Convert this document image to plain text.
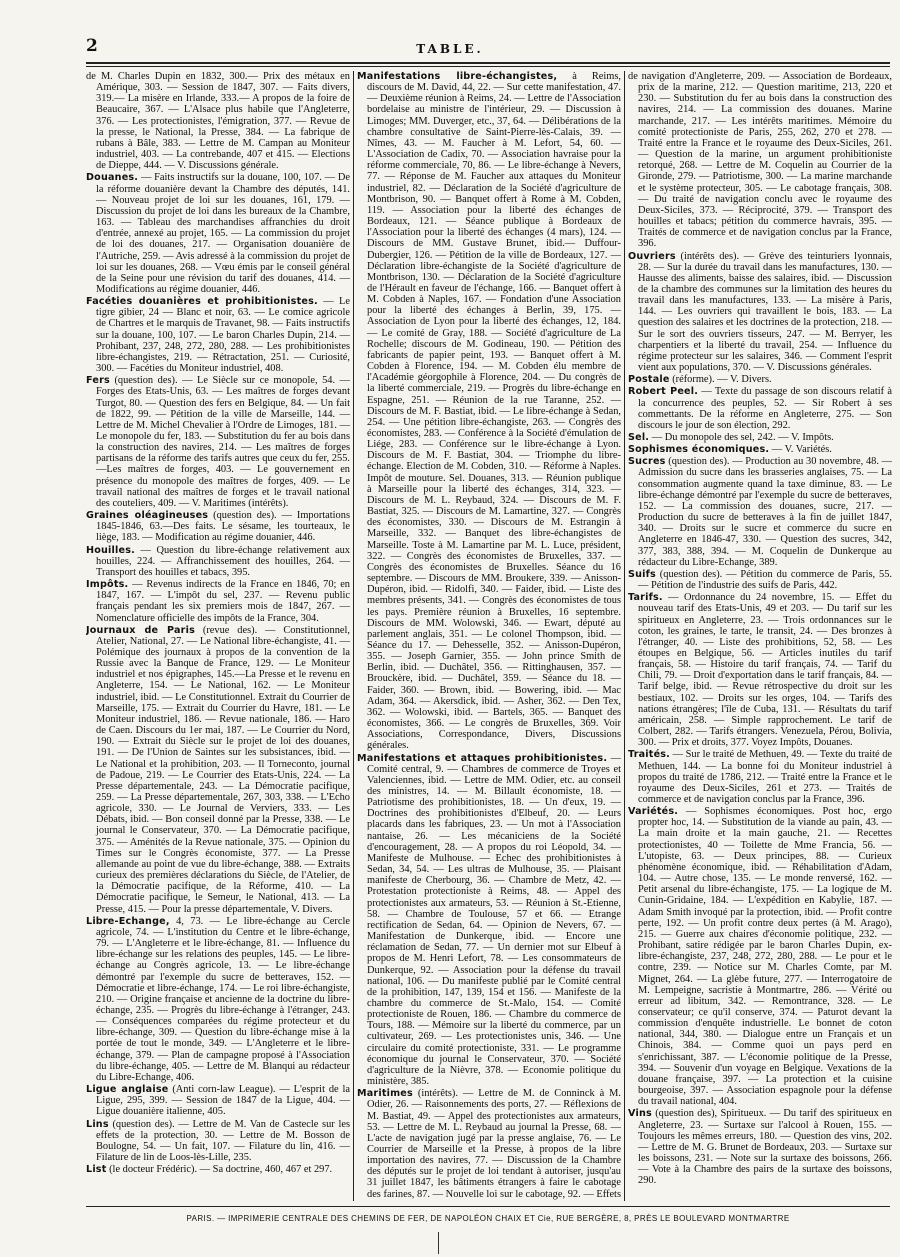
2	TABLE.

de M. Charles Dupin en 1832, 300.— Prix des métaux en Amérique, 303. — Session de 1847, 307. — Faits divers, 319.— La misère en Irlande, 333.— A propos de la foire de Beaucaire, 367. — L'Alsace plus habile que l'Angleterre, 376. — Les protectionistes, l'émigration, 377. — Revue de la presse, le National, la Presse, 384. — La fabrique de rubans à Bâle, 383. — Lettre de M. Campan au Moniteur industriel, 403. — La contrebande, 407 et 415. — Elections de Dieppe, 444. — V. Discussions générale.

Douanes. — Faits instructifs sur la douane, 100, 107. — De la réforme douanière devant la Chambre des députés, 141. — Nouveau projet de loi sur les douanes, 161, 179. — Discussion du projet de loi dans les bureaux de la Chambre, 163. — Tableau des marchandises affranchies du droit d'entrée, annexé au projet, 165. — La commission du projet de loi des douanes, 217. — Organisation douanière de l'Autriche, 259. — Avis adressé à la commission du projet de loi sur les douanes, 268. — Vœu émis par le conseil général de la Seine pour une révision du tarif des douanes, 414. — Modifications au régime douanier, 446.

Facéties douanières et prohibitionistes. — Le tigre gibier, 24 — Blanc et noir, 63. — Le comice agricole de Chartres et le marquis de Travanet, 98. — Faits instructifs sur la douane, 100, 107. — Le baron Charles Dupin, 214. — Prohibant, 237, 248, 272, 280, 288. — Les prohibitionistes libre-échangistes, 219. — Rétractation, 251. — Curiosité, 300. — Facéties du Moniteur industriel, 408.

Fers (question des). — Le Siècle sur ce monopole, 54. — Forges des Etats-Unis, 63. — Les maîtres de forges devant Turgot, 80. — Question des fers en Belgique, 84. — Un fait de 1822, 99. — Pétition de la ville de Marseille, 144. — Lettre de M. Michel Chevalier à l'Ordre de Limoges, 181. — Le monopole du fer, 183. — Substitution du fer au bois dans la construction des navires, 214. — Les maîtres de forges partisans de la réforme des tarifs autres que ceux du fer, 255.—Les maîtres de forges, 403. — Le gouvernement en présence du monopole des maîtres de forges, 409. — Le travail national des maîtres de forges et le travail national des couteliers, 409. — V. Maritimes (intérêts).

Graines oléagineuses (question des). — Importations 1845-1846, 63.—Des faits. Le sésame, les tourteaux, le liège, 183. — Modification au régime douanier, 446.

Houilles. — Question du libre-échange relativement aux houilles, 224. — Affranchissement des houilles, 264. — Transport des houilles et tabacs, 395.

Impôts. — Revenus indirects de la France en 1846, 70; en 1847, 167. — L'impôt du sel, 237. — Revenu public français pendant les six premiers mois de 1847, 267. — Nomenclature officielle des impôts de la France, 304.

Journaux de Paris (revue des). — Constitutionnel, Atelier, National, 27. — Le National libre-échangiste, 41. — Polémique des journaux à propos de la convention de la Russie avec la Banque de France, 129. — Le Moniteur industriel et nos épigraphes, 145.—La Presse et le revenu en Angleterre, 154. — Le National, 162. — Le Moniteur industriel, ibid. — Le Constitutionnel. Extrait du Courrier de Marseille, 175. — Extrait du Courrier du Havre, 181. — Le Moniteur industriel, 186. — Revue nationale, 186. — Haro de Caen. Discours du 1er mai, 187. — Le Courrier du Nord, 190. — Extrait du Siècle sur le projet de loi des douanes, 191. — De l'Union de Saintes sur les subsistances, ibid. — Le National et la prohibition, 203. — Il Torneconto, journal de Padoue, 219. — Le Courrier des Etats-Unis, 224. — La Presse départementale, 243. — La Démocratie pacifique, 259. — La Presse départementale, 267, 303, 338. — L'Echo agricole, 330. — Le Journal de Verviers, 333. — Les Débats, ibid. — Bon conseil donné par la Presse, 338. — Le journal le Conservateur, 370. — La Démocratie pacifique, 375. — Aménités de la Revue nationale, 375. — Opinion du Times sur le Congrès économiste, 377. — La Presse allemande au point de vue du libre-échange, 388. — Extraits curieux des premières déclarations du Siècle, de l'Atelier, de la Démocratie pacifique, de la Réforme, 410. — La Démocratie pacifique, le Semeur, le National, 413. — La Presse, 415. — Pour la presse départementale, V. Divers.

Libre-Echange, 4, 73. — Le libre-échange au Cercle agricole, 74. — L'institution du Centre et le libre-échange, 79. — L'Angleterre et le libre-échange, 81. — Influence du libre-échange sur les relations des peuples, 145. — Le libre-échange au Congrès agricole, 13. — Le libre-échange démontré par l'exemple du sucre de betteraves, 152. — Démocratie et libre-échange, 174. — Le roi libre-échangiste, 210. — Origine française et ancienne de la doctrine du libre-échange, 235. — Progrès du libre-échange à l'étranger, 243. — Conséquences comparées du régime protecteur et du libre-échange, 309. — Question du libre-échange mise à la portée de tout le monde, 349. — L'Angleterre et le libre-échange, 379. — Plan de campagne proposé à l'Association du libre-échange, 405. — Lettre de M. Blanqui au rédacteur du Libre-Echange, 406.

Ligue anglaise (Anti corn-law League). — L'esprit de la Ligue, 295, 399. — Session de 1847 de la Ligue, 404. — Ligue douanière italienne, 405.

Lins (question des). — Lettre de M. Van de Castecle sur les effets de la protection, 30. — Lettre de M. Bosson de Boulogne, 54. — Un fait, 107. — Filature du lin, 416. — Filature de lin de Loos-lès-Lille, 235.

List (le docteur Frédéric). — Sa doctrine, 460, 467 et 297.

Manifestations libre-échangistes, à Reims, discours de M. David, 44, 22. — Sur cette manifestation, 47. — Deuxième réunion à Reims, 24. — Lettre de l'Association bordelaise au ministre de l'intérieur, 29. — Discussion à Limoges; MM. Duverger, etc., 37, 64. — Délibérations de la chambre consultative de Saint-Pierre-lès-Calais, 39. — Nîmes, 43. — M. Faucher à M. Lefort, 54, 60. — L'Association de Cadix, 70. — Association havraise pour la réforme commerciale, 70, 86. — Le libre-échange à Nevers, 77. — Réponse de M. Faucher aux attaques du Moniteur industriel, 82. — Déclaration de la Société d'agriculture de Montbrison, 90. — Banquet offert à Rome à M. Cobden, 119. — Association pour la liberté des échanges de Bordeaux, 121. — Séance publique à Bordeaux de l'Association pour la liberté des échanges (4 mars), 124. — Discours de MM. Gustave Brunet, ibid.— Duffour-Dubergier, 126. — Pétition de la ville de Bordeaux, 127. — Déclaration libre-échangiste de la Société d'agriculture de Montbrison, 130. — Déclaration de la Société d'agriculture de l'Hérault en faveur de l'échange, 166. — Banquet offert à M. Cobden à Naples, 167. — Fondation d'une Association pour la liberté des échanges à Berlin, 39, 175. — Association de Lyon pour la liberté des échanges, 12, 184. — Le comité de Gray, 188. — Société d'agriculture de La Rochelle; discours de M. Godineau, 190. — Pétition des fabricants de papier peint, 193. — Banquet offert à M. Cobden à Florence, 194. — M. Cobden élu membre de l'Académie géorgophile à Florence, 204. — Du congrès de la liberté commerciale, 219. — Progrès du libre-échange en Espagne, 251. — Réunion de la rue Taranne, 252. — Discours de M. F. Bastiat, ibid. — Le libre-échange à Sedan, 254. — Une pétition libre-échangiste, 263. — Congrès des économistes, 283. — Conférence à la Société d'émulation de Liége, 283. — Conférence sur le libre-échange à Lyon. Discours de M. F. Bastiat, 304. — Triomphe du libre-échange. Election de M. Cobden, 310. — Réforme à Naples. Impôt de mouture. Sel. Douanes, 313. — Réunion publique à Marseille pour la liberté des échanges, 314, 323. — Discours de M. L. Reybaud, 324. — Discours de M. F. Bastiat, 325. — Discours de M. Lamartine, 327. — Congrès des économistes, 330. — Discours de M. Estrangin à Marseille, 332. — Banquet des libre-échangistes de Marseille. Toste à M. Lamartine par M. L. Luce, président, 322. — Congrès des économistes de Bruxelles, 337. — Congrès des économistes de Bruxelles. Séance du 16 septembre. — Discours de MM. Broukere, 339. — Anisson-Dupéron, ibid. — Ridolfi, 340. — Faider, ibid. — Liste des membres présents, 341. — Congrès des économistes de tous les pays. Première réunion à Bruxelles, 16 septembre. Discours de MM. Wolowski, 346. — Ewart, député au parlement anglais, 351. — Le colonel Thompson, ibid. — Séance du 17. — Dehesselle, 352. — Anisson-Dupéron, 355. — Joseph Garnier, 355. — John prince Smith de Berlin, ibid. — Duchâtel, 356. — Rittinghausen, 357. — Brouckère, ibid. — Duchâtel, 359. — Séance du 18. — Faider, 360. — Brown, ibid. — Bowering, ibid. — Mac Adam, 364. — Akersdick, ibid. — Asher, 362. — Den Tex, 362. — Wolowski, ibid. — Bartels, 365. — Banquet des économistes, 366. — Le congrès de Bruxelles, 369. Voir Associations, Correspondance, Divers, Discussions générales.

Manifestations et attaques prohibitionistes. — Comité central, 9. — Chambres de commerce de Troyes et Valenciennes, ibid. — Lettre de MM. Odier, etc. au conseil des ministres, 14. — M. Billault économiste, 18. — Patriotisme des prohibitionistes, 18. — Un d'eux, 19. — Doctrines des prohibitionistes d'Elbeuf, 20. — Leurs placards dans les fabriques, 23. — Un mot à l'Association nantaise, 26. — Les mécaniciens de la Société d'encouragement, 28. — A propos du roi Léopold, 34. — Manifeste de Mulhouse. — Echec des prohibitionistes à Sedan, 34, 54. — Les ultras de Mulhouse, 35. — Plaisant manifeste de Cherbourg, 36. — Chambre de Metz, 42. — Protestation protectioniste à Reims, 48. — Appel des protectionistes aux armateurs, 53. — Réunion à St.-Etienne, 58. — Chambre de Toulouse, 57 et 66. — Etrange rectification de Sedan, 64. — Opinion de Nevers, 67. — Manifestation de Dunkerque, ibid. — Encore une réclamation de Sedan, 77. — Un dernier mot sur Elbeuf à propos de M. Henri Lefort, 78. — Les consommateurs de Dunkerque, 92. — Association pour la défense du travail national, 106. — Du manifeste publié par le Comité central de la prohibition, 147, 139, 154 et 156. — Manifeste de la chambre du commerce de St.-Malo, 154. — Comité protectioniste de Rouen, 186. — Chambre du commerce de Tours, 188. — Mémoire sur la liberté du commerce, par un cultivateur, 269. — Les protectionistes unis, 346. — Une circulaire du comité protectioniste, 331. — Le programme économique du journal le Conservateur, 370. — Société d'agriculture de la Nièvre, 378. — Economie politique du ministère, 385.

Maritimes (intérêts). — Lettre de M. de Conninck à M. Odier, 26. — Raisonnements des ports, 27. — Réflexions de M. Bastiat, 49. — Appel des protectionistes aux armateurs, 53. — Lettre de M. L. Reybaud au journal la Presse, 68. — L'acte de navigation jugé par la presse anglaise, 76. — Le Courrier de Marseille et la Presse, à propos de la libre importation des navires, 77. — Discussion de la Chambre des députés sur le projet de loi tendant à autoriser, jusqu'au 31 juillet 1847, les bâtiments étrangers à faire le cabotage des farines, 87. — Nouvelle loi sur le cabotage, 92. — Effets

de navigation d'Angleterre, 209. — Association de Bordeaux, prix de la marine, 212. — Question maritime, 213, 220 et 230. — Substitution du fer au bois dans la construction des navires, 214. — La commission des douanes. Marine marchande, 217. — Les intérêts maritimes. Mémoire du comité protectioniste de Paris, 255, 262, 270 et 278. — Traité entre la France et le royaume des Deux-Siciles, 261. — Question de la marine, un argument prohibitioniste retorqué, 268. — Lettre de M. Coquelin au Courrier de la Gironde, 279. — Patriotisme, 300. — La marine marchande et le système protecteur, 305. — Le cabotage français, 308. — Du traité de navigation conclu avec le royaume des Deux-Siciles, 373. — Réciprocité, 379. — Transport des houilles et tabacs; pétition du commerce havrais, 395. — Traités de commerce et de navigation conclus par la France, 396.

Ouvriers (intérêts des). — Grève des teinturiers lyonnais, 28. — Sur la durée du travail dans les manufactures, 130. — Hausse des aliments, baisse des salaires, ibid. — Discussion de la chambre des communes sur la limitation des heures du travail dans les manufactures, 133. — La misère à Paris, 144. — Les ouvriers qui travaillent le bois, 183. — La question des salaires et les doctrines de la protection, 218. — Sur le sort des ouvriers tisseurs, 247. — M. Berryer, les charpentiers et la liberté du travail, 254. — Influence du régime protecteur sur les salaires, 346. — Comment l'esprit vient aux populations, 370. — V. Discussions générales.

Postale (réforme). — V. Divers.

Robert Peel. — Texte du passage de son discours relatif à la concurrence des peuples, 52. — Sir Robert à ses commettants. De la réforme en Angleterre, 275. — Son discours le jour de son élection, 292.

Sel. — Du monopole des sel, 242. — V. Impôts.

Sophismes économiques. — V. Variétés.

Sucres (question des). — Production au 30 novembre, 48. — Admission du sucre dans les brasseries anglaises, 75. — La consommation augmente quand la taxe diminue, 83. — Le libre-échange démontré par l'exemple du sucre de betteraves, 152. — La commission des douanes, sucre, 217. — Production du sucre de betteraves à la fin de juillet 1847, 340. — Droits sur le sucre et commerce du sucre en Angleterre en 1846-47, 330. — Question des sucres, 342, 377, 383, 388, 394. — M. Coquelin de Dunkerque au rédacteur du Libre-Echange, 389.

Suifs (question des). — Pétition du commerce de Paris, 55. — Pétition de l'industrie des suifs de Paris, 442.

Tarifs. — Ordonnance du 24 novembre, 15. — Effet du nouveau tarif des Etats-Unis, 49 et 203. — Du tarif sur les spiritueux en Angleterre, 23. — Trois ordonnances sur le coton, les graines, le tarte, le transit, 24. — Des bronzes à l'étranger, 40. — Liste des prohibitions, 52, 58. — Les étoupes en Belgique, 56. — Articles inutiles du tarif français, 58. — Histoire du tarif français, 74. — Tarif du Chili, 79. — Droit d'exportation dans le tarif français, 84. — Tarif belge, ibid. — Revue rétrospective du droit sur les bestiaux, 102. — Droits sur les orges, 104. — Tarifs des nations étrangères; l'île de Cuba, 131. — Résultats du tarif américain, 258. — Simple rapprochement. Le tarif de Colbert, 282. — Tarifs étrangers. Venezuela, Pérou, Bolivia, 300. — Prix et droits, 377. Voyez Impôts, Douanes.

Traités. — Sur le traité de Methuen, 49. — Texte du traité de Methuen, 144. — La bonne foi du Moniteur industriel à propos du traité de 1786, 212. — Traité entre la France et le royaume des Deux-Siciles, 261 et 273. — Traités de commerce et de navigation conclus par la France, 396.

Variétés. — Sophismes économiques. Post hoc, ergo propter hoc, 14. — Substitution de la viande au pain, 43. — La main droite et la main gauche, 21. — Recettes protectionistes, 40 — Toilette de Mme Francia, 56. — L'utopiste, 63. — Deux principes, 88. — Curieux phénomène économique, ibid. — Réhabilitation d'Adam, 104. — Autre chose, 135. — Le monde renversé, 162. — Petit arsenal du libre-échangiste, 175. — La logique de M. Cunin-Gridaine, 184. — L'expédition en Kabylie, 187. — Adam Smith invoqué par la protection, ibid. — Profit contre perte, 192. — Un profit contre deux pertes (à M. Arago), 215. — Guerre aux chaires d'économie politique, 232. — Prohibant, satire rédigée par le baron Charles Dupin, ex-libre-échangiste, 237, 248, 272, 280, 288. — Le pour et le contre, 239. — Notice sur M. Charles Comte, par M. Mignet, 264. — La glèbe future, 277. — Interrogatoire de M. Lempeigne, sacristie à Montmartre, 286. — Vérité ou erreur ad libitum, 342. — Remontrance, 328. — Le conservateur; ce qu'il conserve, 374. — Paturot devant la commission d'enquête industrielle. Le bonnet de coton national, 344, 380. — Dialogue entre un Français et un Chinois, 384. — Comme quoi un pays perd en s'enrichissant, 387. — L'économie politique de la Presse, 394. — Souvenir d'un voyage en Belgique. Vexations de la douane française, 397. — La protection et la cuisine bourgeoise, 397. — Association espagnole pour la défense du travail national, 404.

Vins (question des), Spiritueux. — Du tarif des spiritueux en Angleterre, 23. — Surtaxe sur l'alcool à Rouen, 155. — Toujours les mêmes erreurs, 180. — Question des vins, 202. — Lettre de M. G. Brunet de Bordeaux, 203. — Surtaxe sur les boissons, 231. — Note sur la surtaxe des boissons, 266. — Vote à la Chambre des pairs de la surtaxe des boissons, 290.

PARIS. — IMPRIMERIE CENTRALE DES CHEMINS DE FER, DE NAPOLÉON CHAIX ET Cie, RUE BERGÈRE, 8, PRÈS LE BOULEVARD MONTMARTRE
